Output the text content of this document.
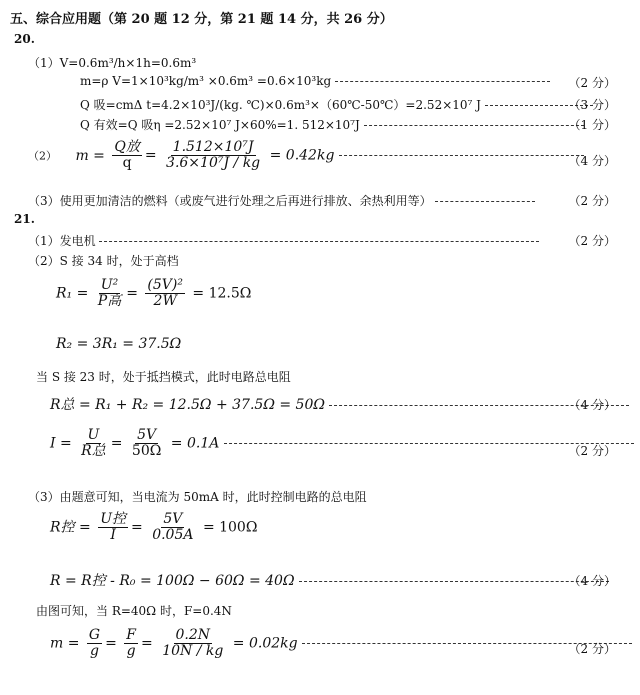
五、综合应用题（第 20 题 12 分，第 21 题 14 分，共 26 分）
20.
（1）V=0.6m³/h×1h=0.6m³
m=ρ V=1×10³kg/m³ ×0.6m³ =0.6×10³kg	（2 分）
Q 吸=cmΔ t=4.2×10³J/(kg. ℃)×0.6m³×（60℃-50℃）=2.52×10⁷ J	（3 分）
Q 有效=Q 吸η =2.52×10⁷ J×60%=1. 512×10⁷J	（1 分）
（2） $m = \frac{\text{Q放}}{q} = \frac{\text{1.512×10⁷J}}{\text{3.6×10⁷J / kg}} = 0.42kg$	（4 分）
（3）使用更加清洁的燃料（或废气进行处理之后再进行排放、余热利用等）	（2 分）
21.
（1）发电机	（2 分）
（2）S 接 34 时，处于高档
$R_1 = \frac{\text{U²}}{\text{P高}} = \frac{\text{(5V)²}}{2W} = 12.5\Omega$
R₂ = 3R₁ = 37.5Ω
当 S 接 23 时，处于抵挡模式，此时电路总电阻
R总 = R₁ + R₂ = 12.5Ω + 37.5Ω = 50Ω	（4 分）
$I = \frac{U}{\text{R总}} = \frac{5V}{50\Omega} = 0.1A$	（2 分）
（3）由题意可知，当电流为 50mA 时，此时控制电路的总电阻
R控 = $\frac{\text{U控}}{I} = \frac{5V}{0.05A} = 100\Omega$
R = R控 - R₀ = 100Ω − 60Ω = 40Ω	（4 分）
由图可知，当 R=40Ω 时，F=0.4N
$m = \frac{G}{g} = \frac{F}{g} = \frac{0.2N}{10N / kg} = 0.02kg$	（2 分）
